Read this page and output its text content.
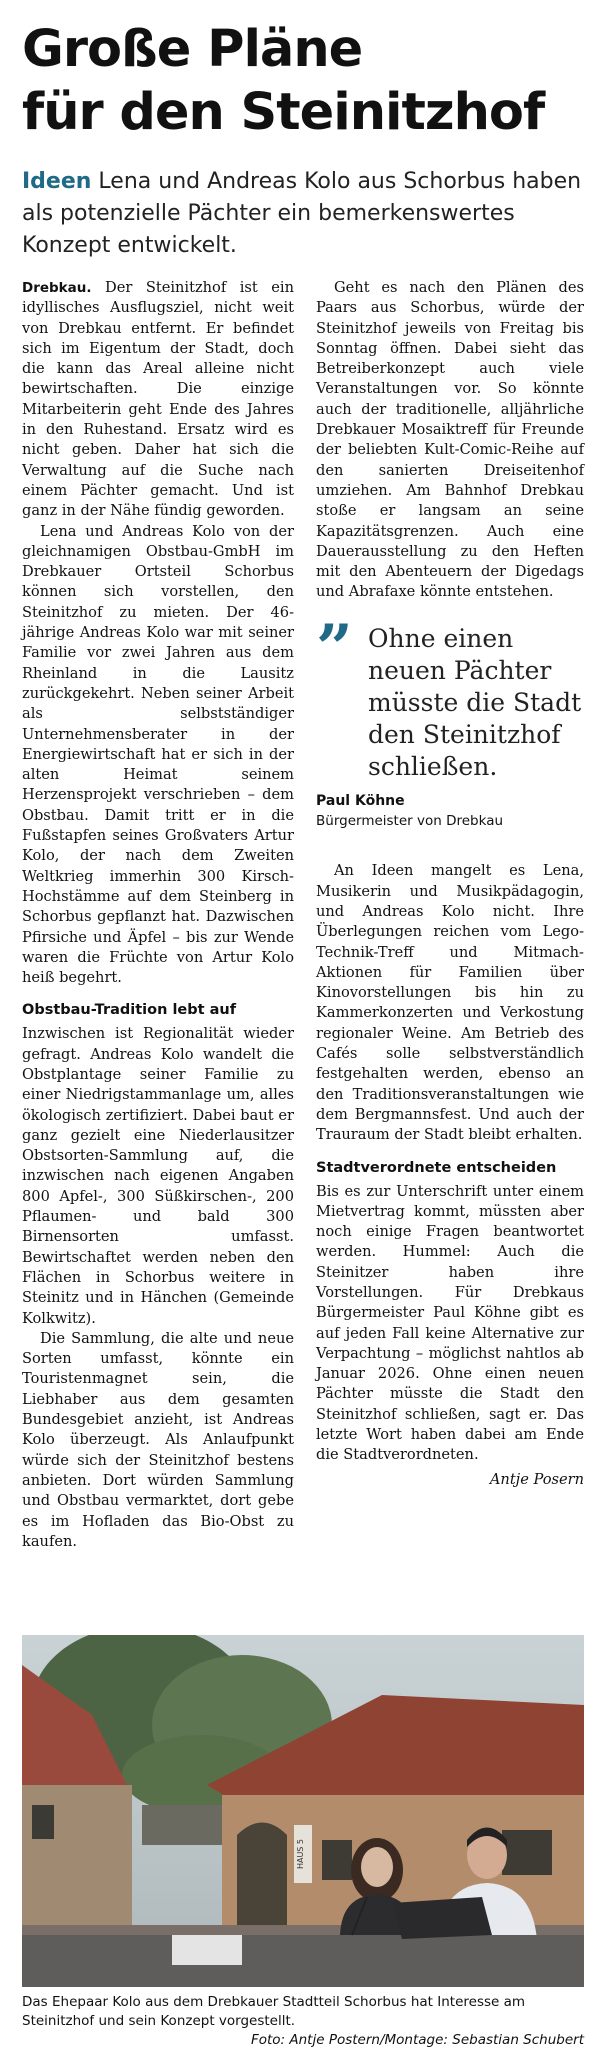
Große Pläne
für den Steinitzhof
Ideen Lena und Andreas Kolo aus Schorbus haben als potenzielle Pächter ein bemerkenswertes Konzept entwickelt.

Drebkau. Der Steinitzhof ist ein idyllisches Ausflugsziel, nicht weit von Drebkau entfernt. Er befindet sich im Eigentum der Stadt, doch die kann das Areal alleine nicht bewirtschaften. Die einzige Mitarbeiterin geht Ende des Jahres in den Ruhestand. Ersatz wird es nicht geben. Daher hat sich die Verwaltung auf die Suche nach einem Pächter gemacht. Und ist ganz in der Nähe fündig geworden.

Lena und Andreas Kolo von der gleichnamigen Obstbau-GmbH im Drebkauer Ortsteil Schorbus können sich vorstellen, den Steinitzhof zu mieten. Der 46-jährige Andreas Kolo war mit seiner Familie vor zwei Jahren aus dem Rheinland in die Lausitz zurückgekehrt. Neben seiner Arbeit als selbstständiger Unternehmensberater in der Energiewirtschaft hat er sich in der alten Heimat seinem Herzensprojekt verschrieben – dem Obstbau. Damit tritt er in die Fußstapfen seines Großvaters Artur Kolo, der nach dem Zweiten Weltkrieg immerhin 300 Kirsch-Hochstämme auf dem Steinberg in Schorbus gepflanzt hat. Dazwischen Pfirsiche und Äpfel – bis zur Wende waren die Früchte von Artur Kolo heiß begehrt.

Obstbau-Tradition lebt auf

Inzwischen ist Regionalität wieder gefragt. Andreas Kolo wandelt die Obstplantage seiner Familie zu einer Niedrigstammanlage um, alles ökologisch zertifiziert. Dabei baut er ganz gezielt eine Niederlausitzer Obstsorten-Sammlung auf, die inzwischen nach eigenen Angaben 800 Apfel-, 300 Süßkirschen-, 200 Pflaumen- und bald 300 Birnensorten umfasst. Bewirtschaftet werden neben den Flächen in Schorbus weitere in Steinitz und in Hänchen (Gemeinde Kolkwitz).

Die Sammlung, die alte und neue Sorten umfasst, könnte ein Touristenmagnet sein, die Liebhaber aus dem gesamten Bundesgebiet anzieht, ist Andreas Kolo überzeugt. Als Anlaufpunkt würde sich der Steinitzhof bestens anbieten. Dort würden Sammlung und Obstbau vermarktet, dort gebe es im Hofladen das Bio-Obst zu kaufen.

Geht es nach den Plänen des Paars aus Schorbus, würde der Steinitzhof jeweils von Freitag bis Sonntag öffnen. Dabei sieht das Betreiberkonzept auch viele Veranstaltungen vor. So könnte auch der traditionelle, alljährliche Drebkauer Mosaiktreff für Freunde der beliebten Kult-Comic-Reihe auf den sanierten Dreiseitenhof umziehen. Am Bahnhof Drebkau stoße er langsam an seine Kapazitätsgrenzen. Auch eine Dauerausstellung zu den Heften mit den Abenteuern der Digedags und Abrafaxe könnte entstehen.

” Ohne einen neuen Pächter müsste die Stadt den Steinitzhof schließen.
Paul Köhne
Bürgermeister von Drebkau

An Ideen mangelt es Lena, Musikerin und Musikpädagogin, und Andreas Kolo nicht. Ihre Überlegungen reichen vom Lego-Technik-Treff und Mitmach-Aktionen für Familien über Kinovorstellungen bis hin zu Kammerkonzerten und Verkostung regionaler Weine. Am Betrieb des Cafés solle selbstverständlich festgehalten werden, ebenso an den Traditionsveranstaltungen wie dem Bergmannsfest. Und auch der Trauraum der Stadt bleibt erhalten.

Stadtverordnete entscheiden

Bis es zur Unterschrift unter einem Mietvertrag kommt, müssten aber noch einige Fragen beantwortet werden. Hummel: Auch die Steinitzer haben ihre Vorstellungen. Für Drebkaus Bürgermeister Paul Köhne gibt es auf jeden Fall keine Alternative zur Verpachtung – möglichst nahtlos ab Januar 2026. Ohne einen neuen Pächter müsste die Stadt den Steinitzhof schließen, sagt er. Das letzte Wort haben dabei am Ende die Stadtverordneten.

Antje Posern
HAUS 5
Das Ehepaar Kolo aus dem Drebkauer Stadtteil Schorbus hat Interesse am Steinitzhof und sein Konzept vorgestellt.
Foto: Antje Postern/Montage: Sebastian Schubert
